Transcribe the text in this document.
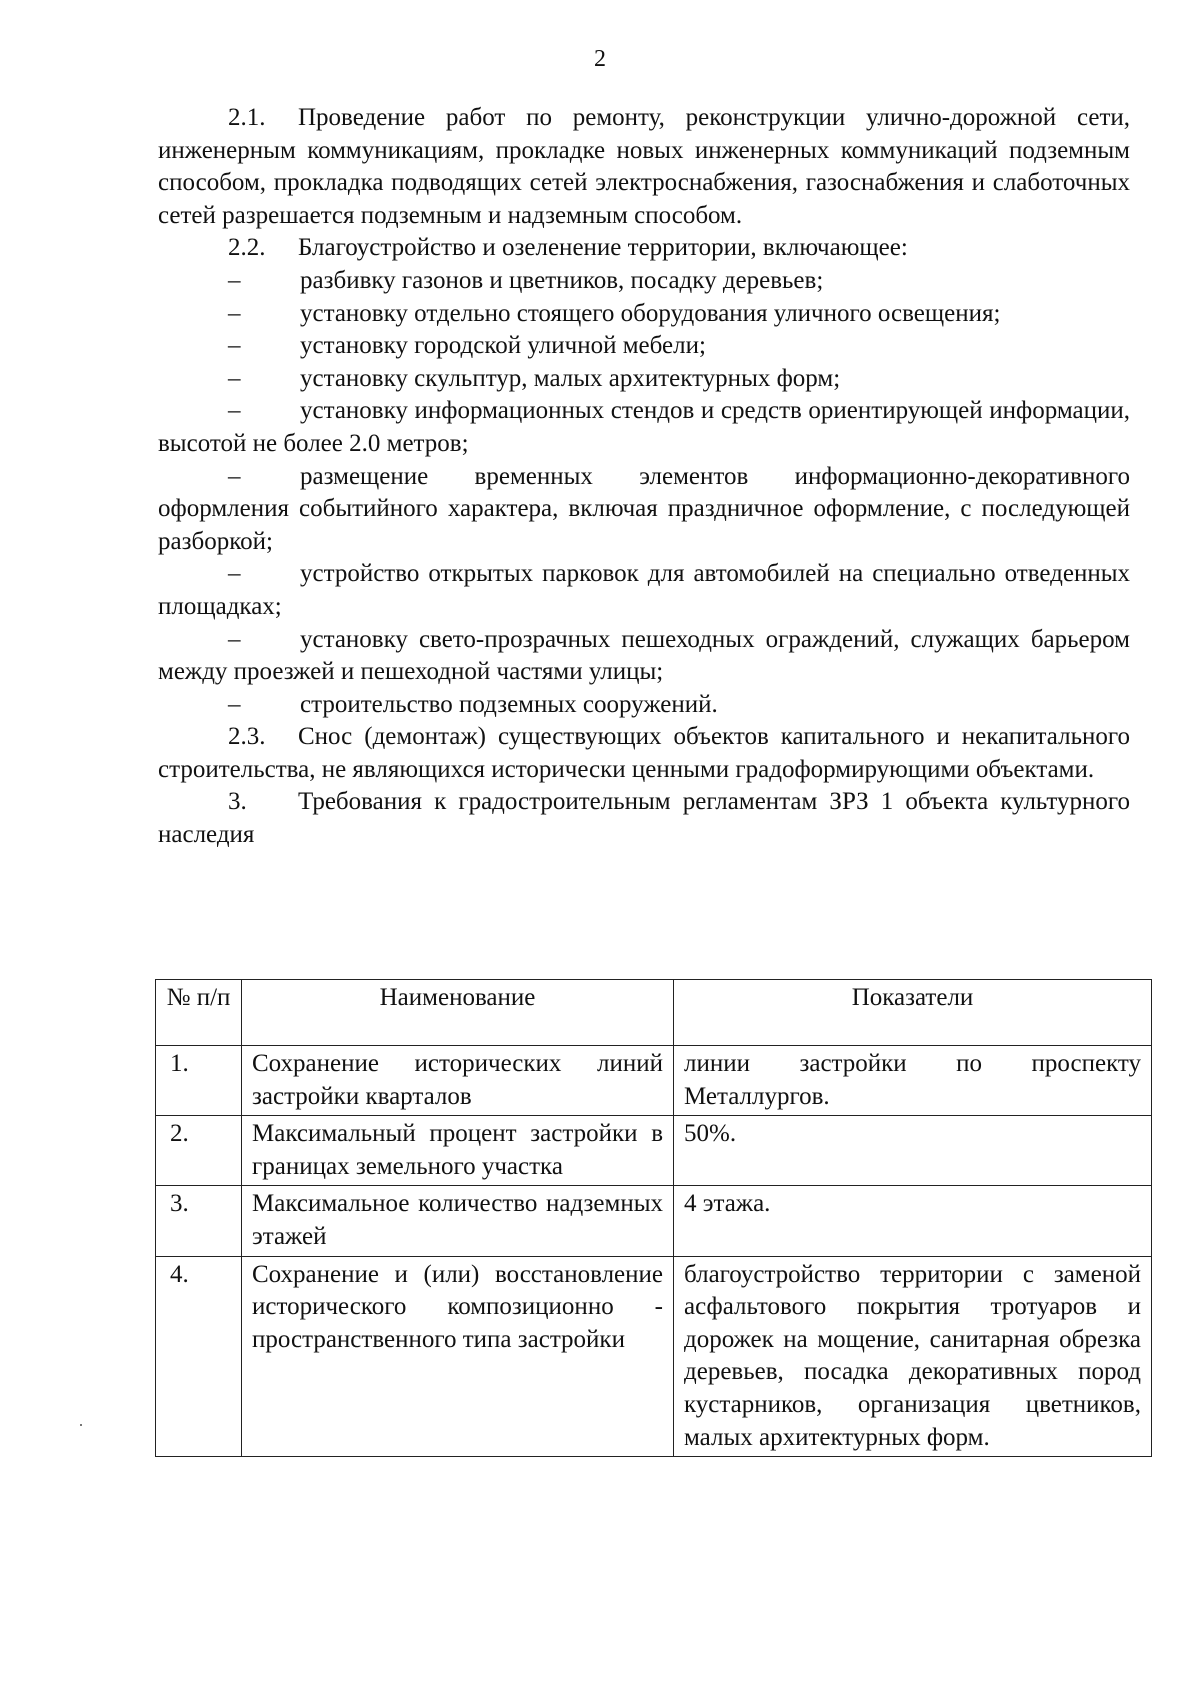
2

2.1. Проведение работ по ремонту, реконструкции улично-дорожной сети, инженерным коммуникациям, прокладке новых инженерных коммуникаций подземным способом, прокладка подводящих сетей электроснабжения, газоснабжения и слаботочных сетей разрешается подземным и надземным способом.

2.2. Благоустройство и озеленение территории, включающее:

– разбивку газонов и цветников, посадку деревьев;

– установку отдельно стоящего оборудования уличного освещения;

– установку городской уличной мебели;

– установку скульптур, малых архитектурных форм;

– установку информационных стендов и средств ориентирующей информации, высотой не более 2.0 метров;

– размещение временных элементов информационно-декоративного оформления событийного характера, включая праздничное оформление, с последующей разборкой;

– устройство открытых парковок для автомобилей на специально отведенных площадках;

– установку свето-прозрачных пешеходных ограждений, служащих барьером между проезжей и пешеходной частями улицы;

– строительство подземных сооружений.

2.3. Снос (демонтаж) существующих объектов капитального и некапитального строительства, не являющихся исторически ценными градоформирующими объектами.

3. Требования к градостроительным регламентам ЗРЗ 1 объекта культурного наследия

№ п/п	Наименование	Показатели
1.	Сохранение исторических линий застройки кварталов	линии застройки по проспекту Металлургов.
2.	Максимальный процент застройки в границах земельного участка	50%.
3.	Максимальное количество надземных этажей	4 этажа.
4.	Сохранение и (или) восстановление исторического композиционно - пространственного типа застройки	благоустройство территории с заменой асфальтового покрытия тротуаров и дорожек на мощение, санитарная обрезка деревьев, посадка декоративных пород кустарников, организация цветников, малых архитектурных форм.
